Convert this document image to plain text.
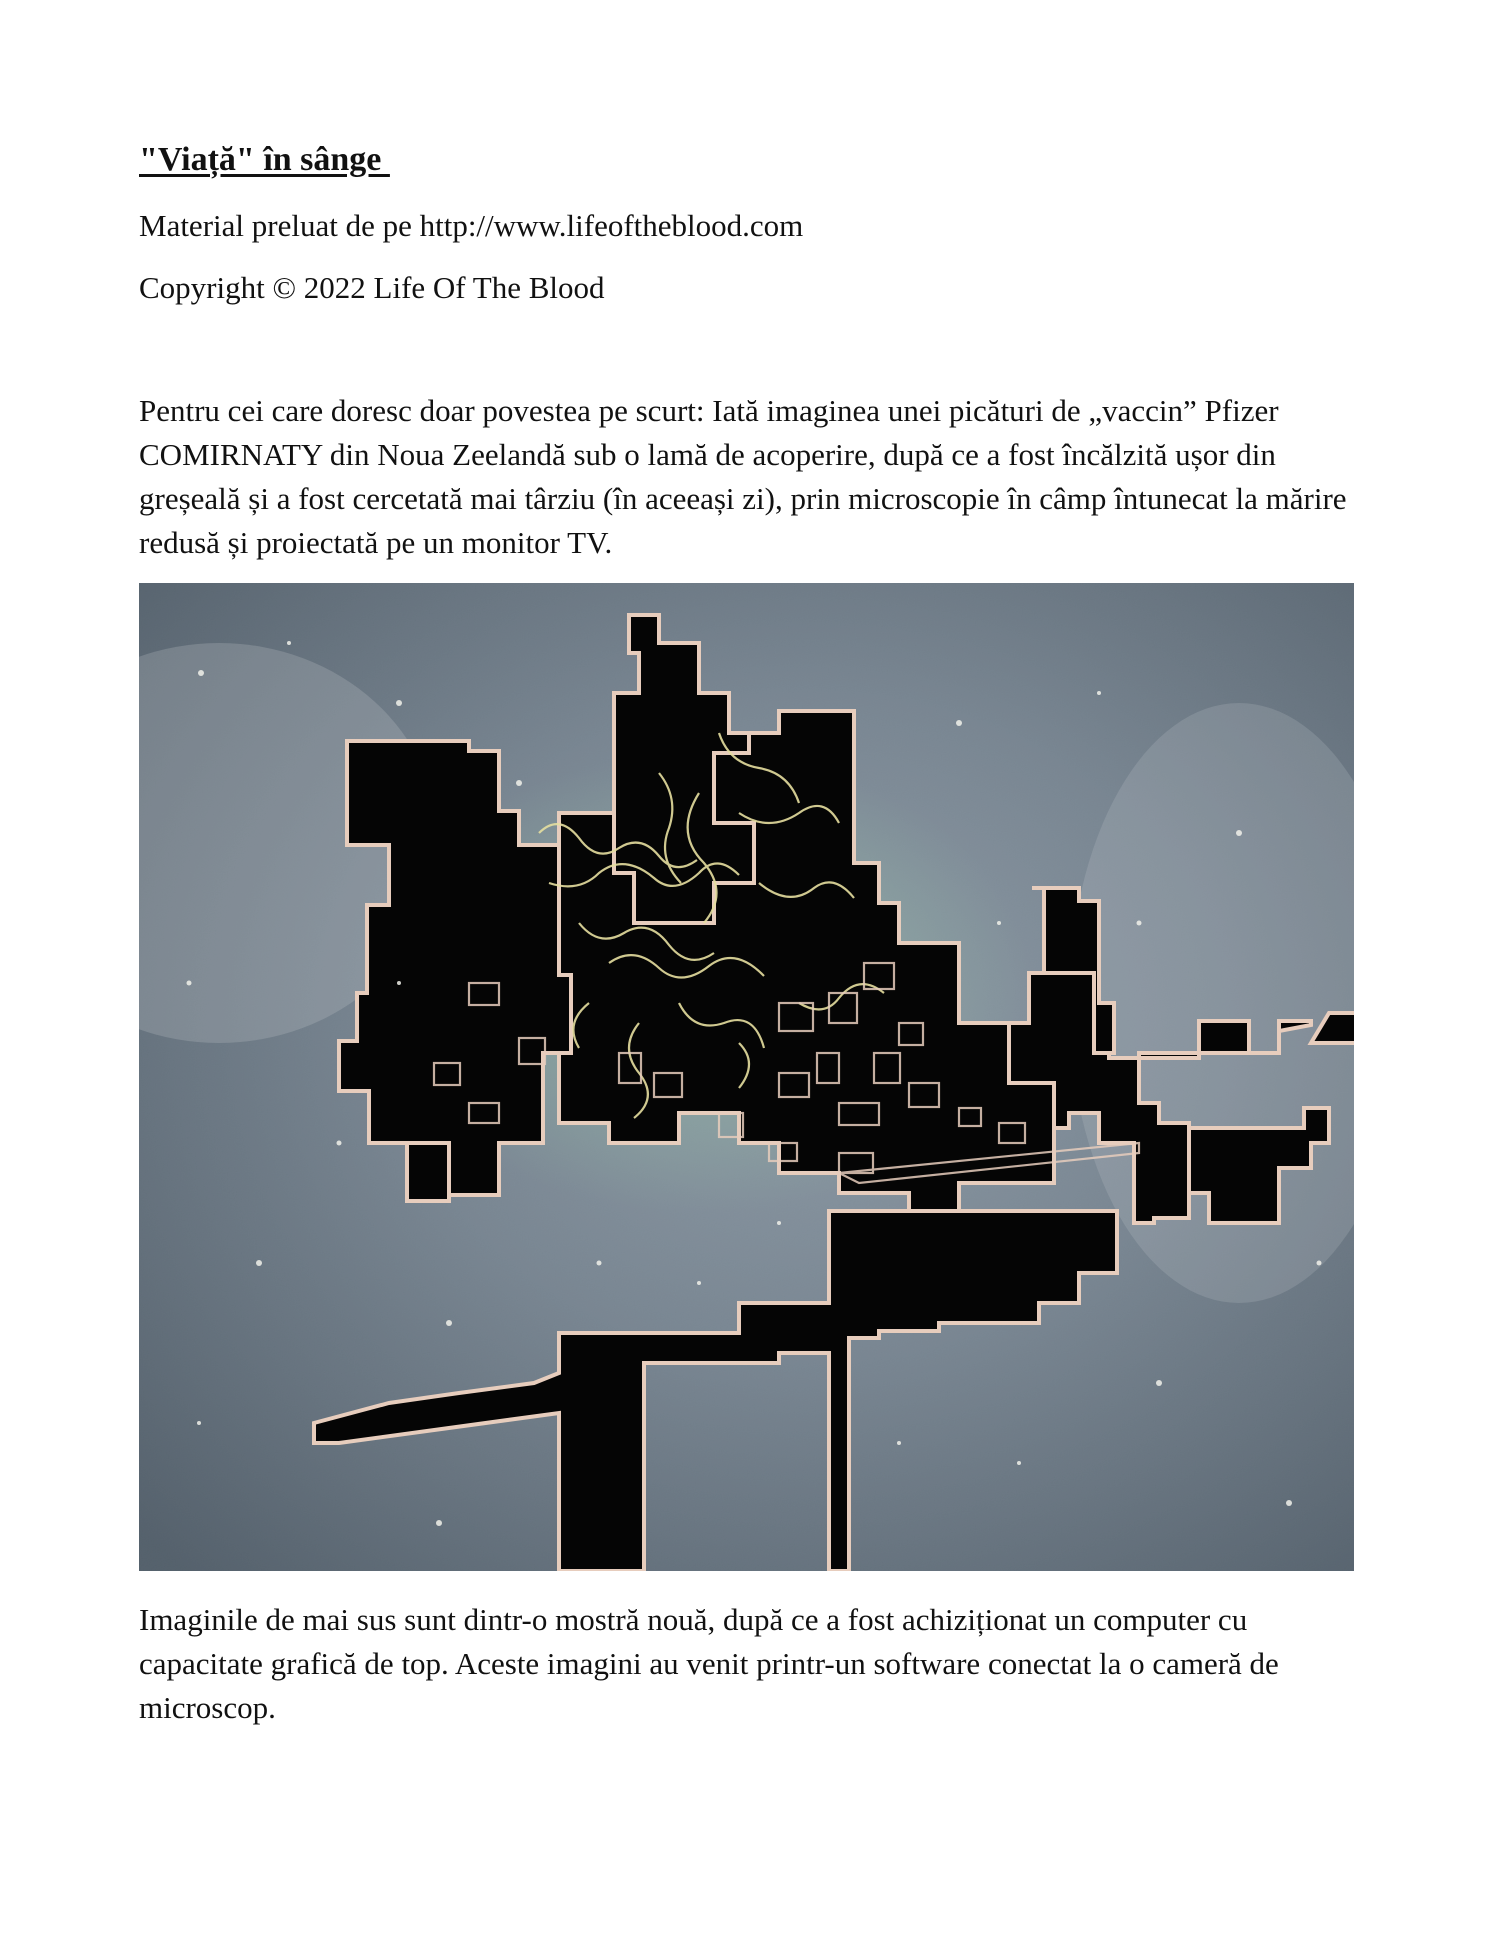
"Viață" în sânge

Material preluat de pe http://www.lifeoftheblood.com

Copyright © 2022 Life Of The Blood

Pentru cei care doresc doar povestea pe scurt: Iată imaginea unei picături de „vaccin” Pfizer COMIRNATY din Noua Zeelandă sub o lamă de acoperire, după ce a fost încălzită ușor din greșeală și a fost cercetată mai târziu (în aceeași zi), prin microscopie în câmp întunecat la mărire redusă și proiectată pe un monitor TV.

Imaginile de mai sus sunt dintr-o mostră nouă, după ce a fost achiziționat un computer cu capacitate grafică de top. Aceste imagini au venit printr-un software conectat la o cameră de microscop.
